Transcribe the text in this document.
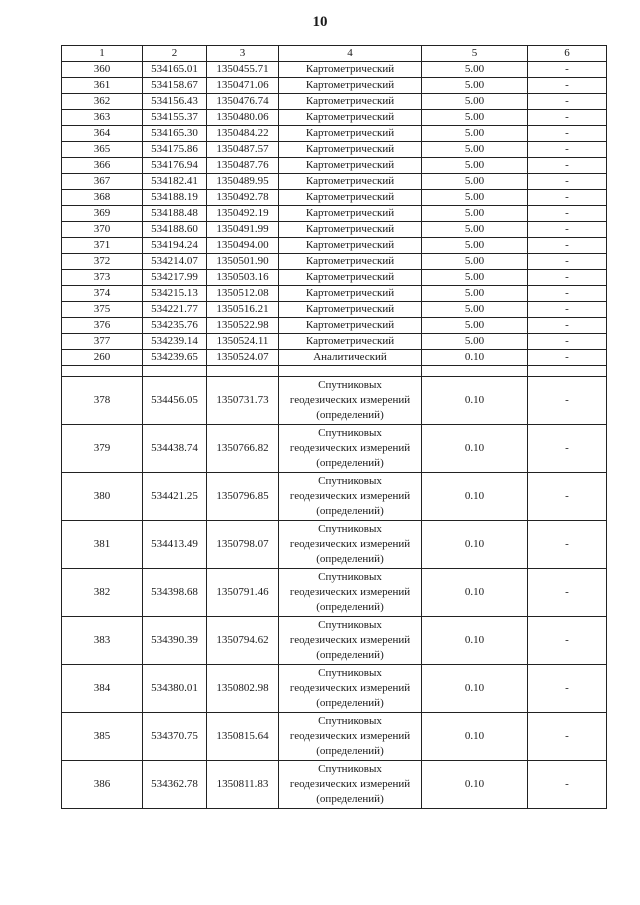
10
1	2	3	4	5	6
360	534165.01	1350455.71	Картометрический	5.00	-
361	534158.67	1350471.06	Картометрический	5.00	-
362	534156.43	1350476.74	Картометрический	5.00	-
363	534155.37	1350480.06	Картометрический	5.00	-
364	534165.30	1350484.22	Картометрический	5.00	-
365	534175.86	1350487.57	Картометрический	5.00	-
366	534176.94	1350487.76	Картометрический	5.00	-
367	534182.41	1350489.95	Картометрический	5.00	-
368	534188.19	1350492.78	Картометрический	5.00	-
369	534188.48	1350492.19	Картометрический	5.00	-
370	534188.60	1350491.99	Картометрический	5.00	-
371	534194.24	1350494.00	Картометрический	5.00	-
372	534214.07	1350501.90	Картометрический	5.00	-
373	534217.99	1350503.16	Картометрический	5.00	-
374	534215.13	1350512.08	Картометрический	5.00	-
375	534221.77	1350516.21	Картометрический	5.00	-
376	534235.76	1350522.98	Картометрический	5.00	-
377	534239.14	1350524.11	Картометрический	5.00	-
260	534239.65	1350524.07	Аналитический	0.10	-

378	534456.05	1350731.73	Спутниковых
геодезических измерений
(определений)	0.10	-
379	534438.74	1350766.82	Спутниковых
геодезических измерений
(определений)	0.10	-
380	534421.25	1350796.85	Спутниковых
геодезических измерений
(определений)	0.10	-
381	534413.49	1350798.07	Спутниковых
геодезических измерений
(определений)	0.10	-
382	534398.68	1350791.46	Спутниковых
геодезических измерений
(определений)	0.10	-
383	534390.39	1350794.62	Спутниковых
геодезических измерений
(определений)	0.10	-
384	534380.01	1350802.98	Спутниковых
геодезических измерений
(определений)	0.10	-
385	534370.75	1350815.64	Спутниковых
геодезических измерений
(определений)	0.10	-
386	534362.78	1350811.83	Спутниковых
геодезических измерений
(определений)	0.10	-
